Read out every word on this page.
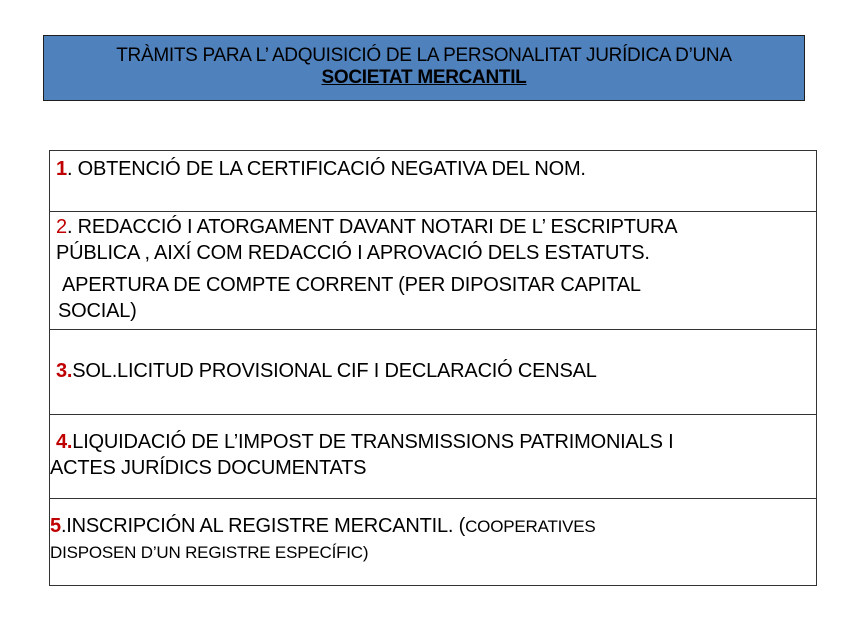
TRÀMITS PARA L’ ADQUISICIÓ DE LA PERSONALITAT JURÍDICA D’UNA
SOCIETAT MERCANTIL
1. OBTENCIÓ DE LA CERTIFICACIÓ NEGATIVA DEL NOM.
2. REDACCIÓ I ATORGAMENT DAVANT NOTARI DE L’ ESCRIPTURA
PÚBLICA , AIXÍ COM REDACCIÓ I APROVACIÓ DELS ESTATUTS.
APERTURA DE COMPTE CORRENT (PER DIPOSITAR CAPITAL
SOCIAL)
3.SOL.LICITUD PROVISIONAL CIF I DECLARACIÓ CENSAL
4.LIQUIDACIÓ DE L’IMPOST DE TRANSMISSIONS PATRIMONIALS I
ACTES JURÍDICS DOCUMENTATS
5.INSCRIPCIÓN AL REGISTRE MERCANTIL. (COOPERATIVES
DISPOSEN D’UN REGISTRE ESPECÍFIC)
